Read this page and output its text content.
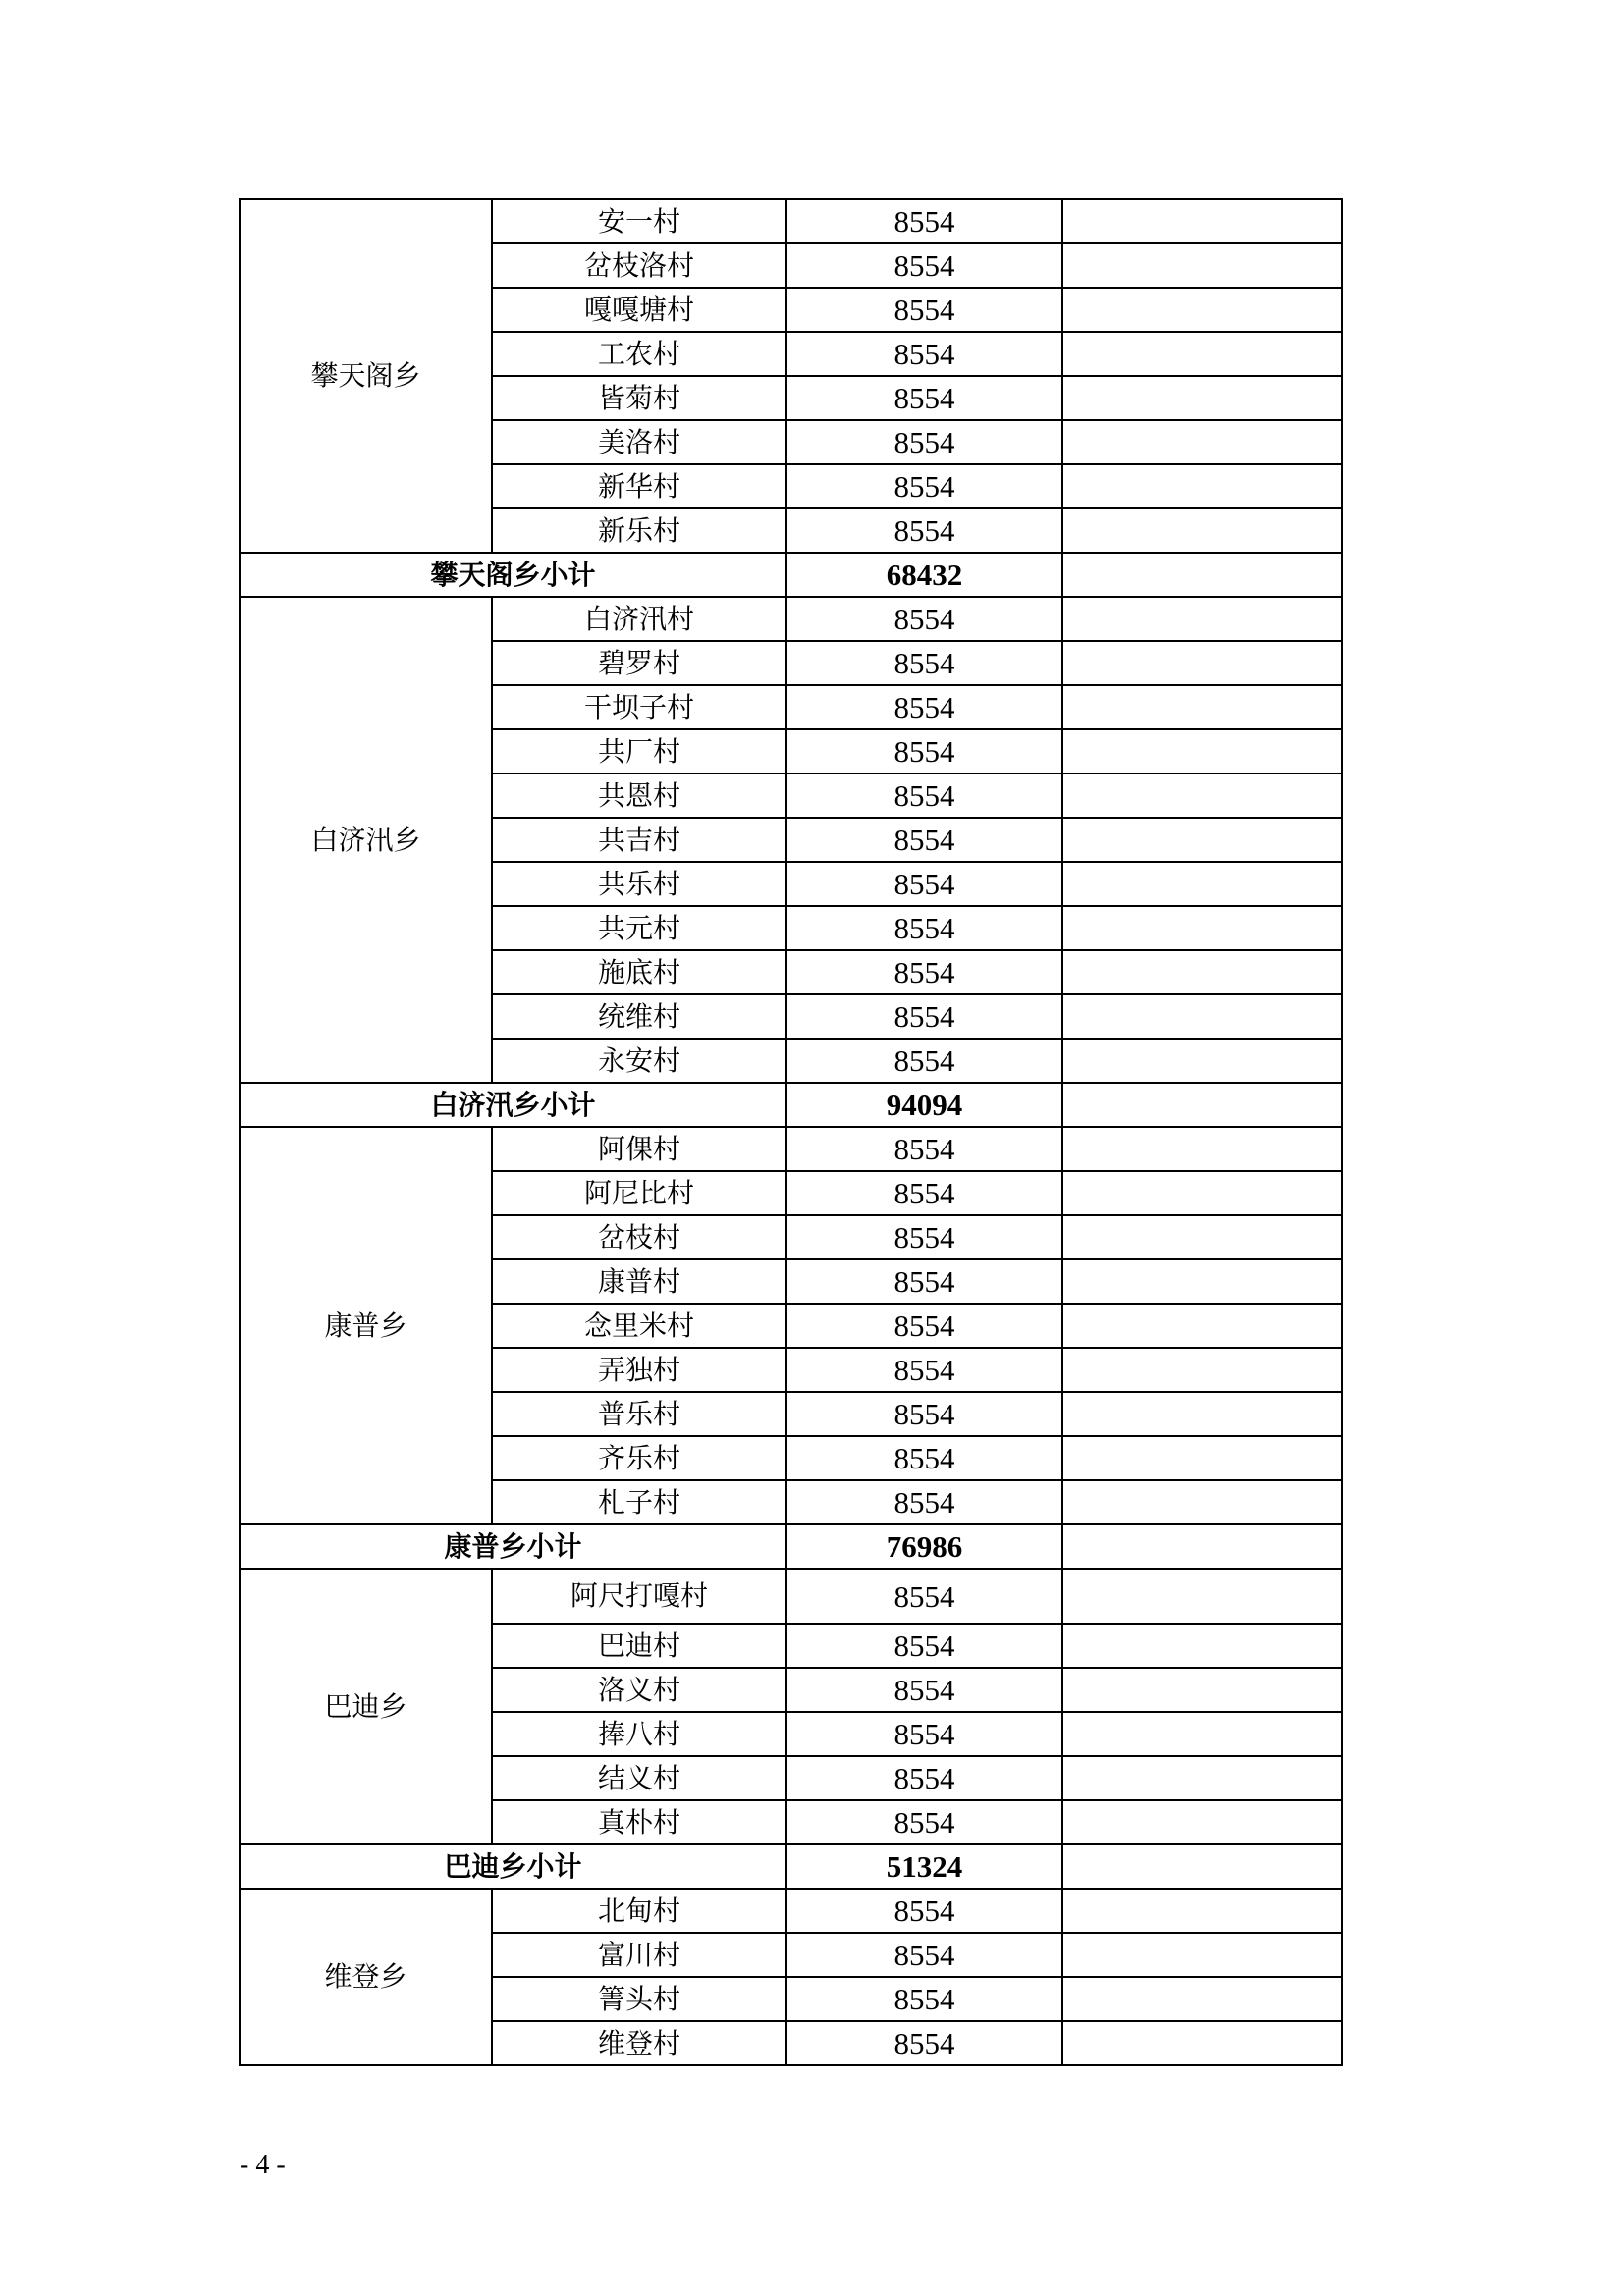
攀天阁乡	安一村	8554	
	岔枝洛村	8554	
	嘎嘎塘村	8554	
	工农村	8554	
	皆菊村	8554	
	美洛村	8554	
	新华村	8554	
	新乐村	8554	
攀天阁乡小计		68432	
白济汛乡	白济汛村	8554	
	碧罗村	8554	
	干坝子村	8554	
	共厂村	8554	
	共恩村	8554	
	共吉村	8554	
	共乐村	8554	
	共元村	8554	
	施底村	8554	
	统维村	8554	
	永安村	8554	
白济汛乡小计		94094	
康普乡	阿倮村	8554	
	阿尼比村	8554	
	岔枝村	8554	
	康普村	8554	
	念里米村	8554	
	弄独村	8554	
	普乐村	8554	
	齐乐村	8554	
	札子村	8554	
康普乡小计		76986	
巴迪乡	阿尺打嘎村	8554	
	巴迪村	8554	
	洛义村	8554	
	捧八村	8554	
	结义村	8554	
	真朴村	8554	
巴迪乡小计		51324	
维登乡	北甸村	8554	
	富川村	8554	
	箐头村	8554	
	维登村	8554	
- 4 -
